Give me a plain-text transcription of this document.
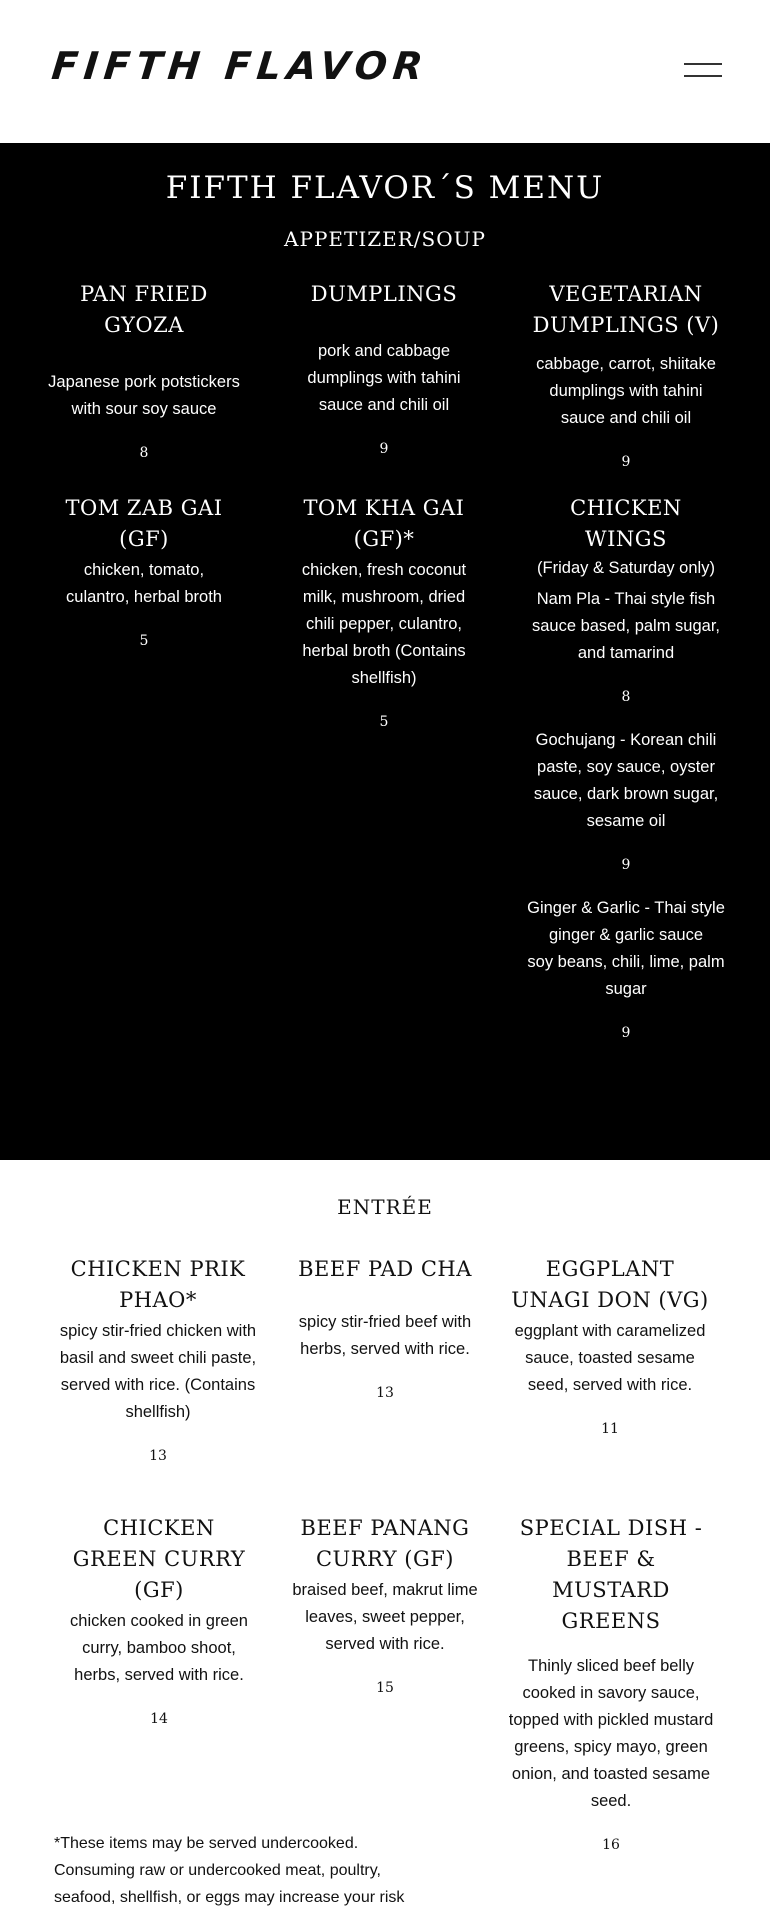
FIFTH FLAVOR
FIFTH FLAVOR´S MENU
APPETIZER/SOUP
PAN FRIED GYOZA
Japanese pork potstickers with sour soy sauce
8
DUMPLINGS
pork and cabbage dumplings with tahini sauce and chili oil
9
VEGETARIAN DUMPLINGS (V)
cabbage, carrot, shiitake dumplings with tahini sauce and chili oil
9
TOM ZAB GAI (GF)
chicken, tomato, culantro, herbal broth
5
TOM KHA GAI (GF)*
chicken, fresh coconut milk, mushroom, dried chili pepper, culantro, herbal broth (Contains shellfish)
5
CHICKEN WINGS
(Friday & Saturday only)
Nam Pla - Thai style fish sauce based, palm sugar, and tamarind
8
Gochujang - Korean chili paste, soy sauce, oyster sauce, dark brown sugar, sesame oil
9
Ginger & Garlic - Thai style ginger & garlic sauce      soy beans, chili, lime, palm sugar
9
ENTRÉE
CHICKEN PRIK PHAO*
spicy stir-fried chicken with basil and sweet chili paste, served with rice. (Contains shellfish)
13
BEEF PAD CHA
spicy stir-fried beef with herbs, served with rice.
13
EGGPLANT UNAGI DON (VG)
eggplant with caramelized sauce, toasted sesame seed, served with rice.
11
CHICKEN GREEN CURRY (GF)
chicken cooked in green curry, bamboo shoot, herbs, served with rice.
14
BEEF PANANG CURRY (GF)
braised beef, makrut lime leaves, sweet pepper, served with rice.
15
SPECIAL DISH - BEEF & MUSTARD GREENS
Thinly sliced beef belly cooked in savory sauce, topped with pickled mustard greens, spicy mayo, green onion, and toasted sesame seed.
16
*These items may be served undercooked. Consuming raw or undercooked meat, poultry, seafood, shellfish, or eggs may increase your risk
